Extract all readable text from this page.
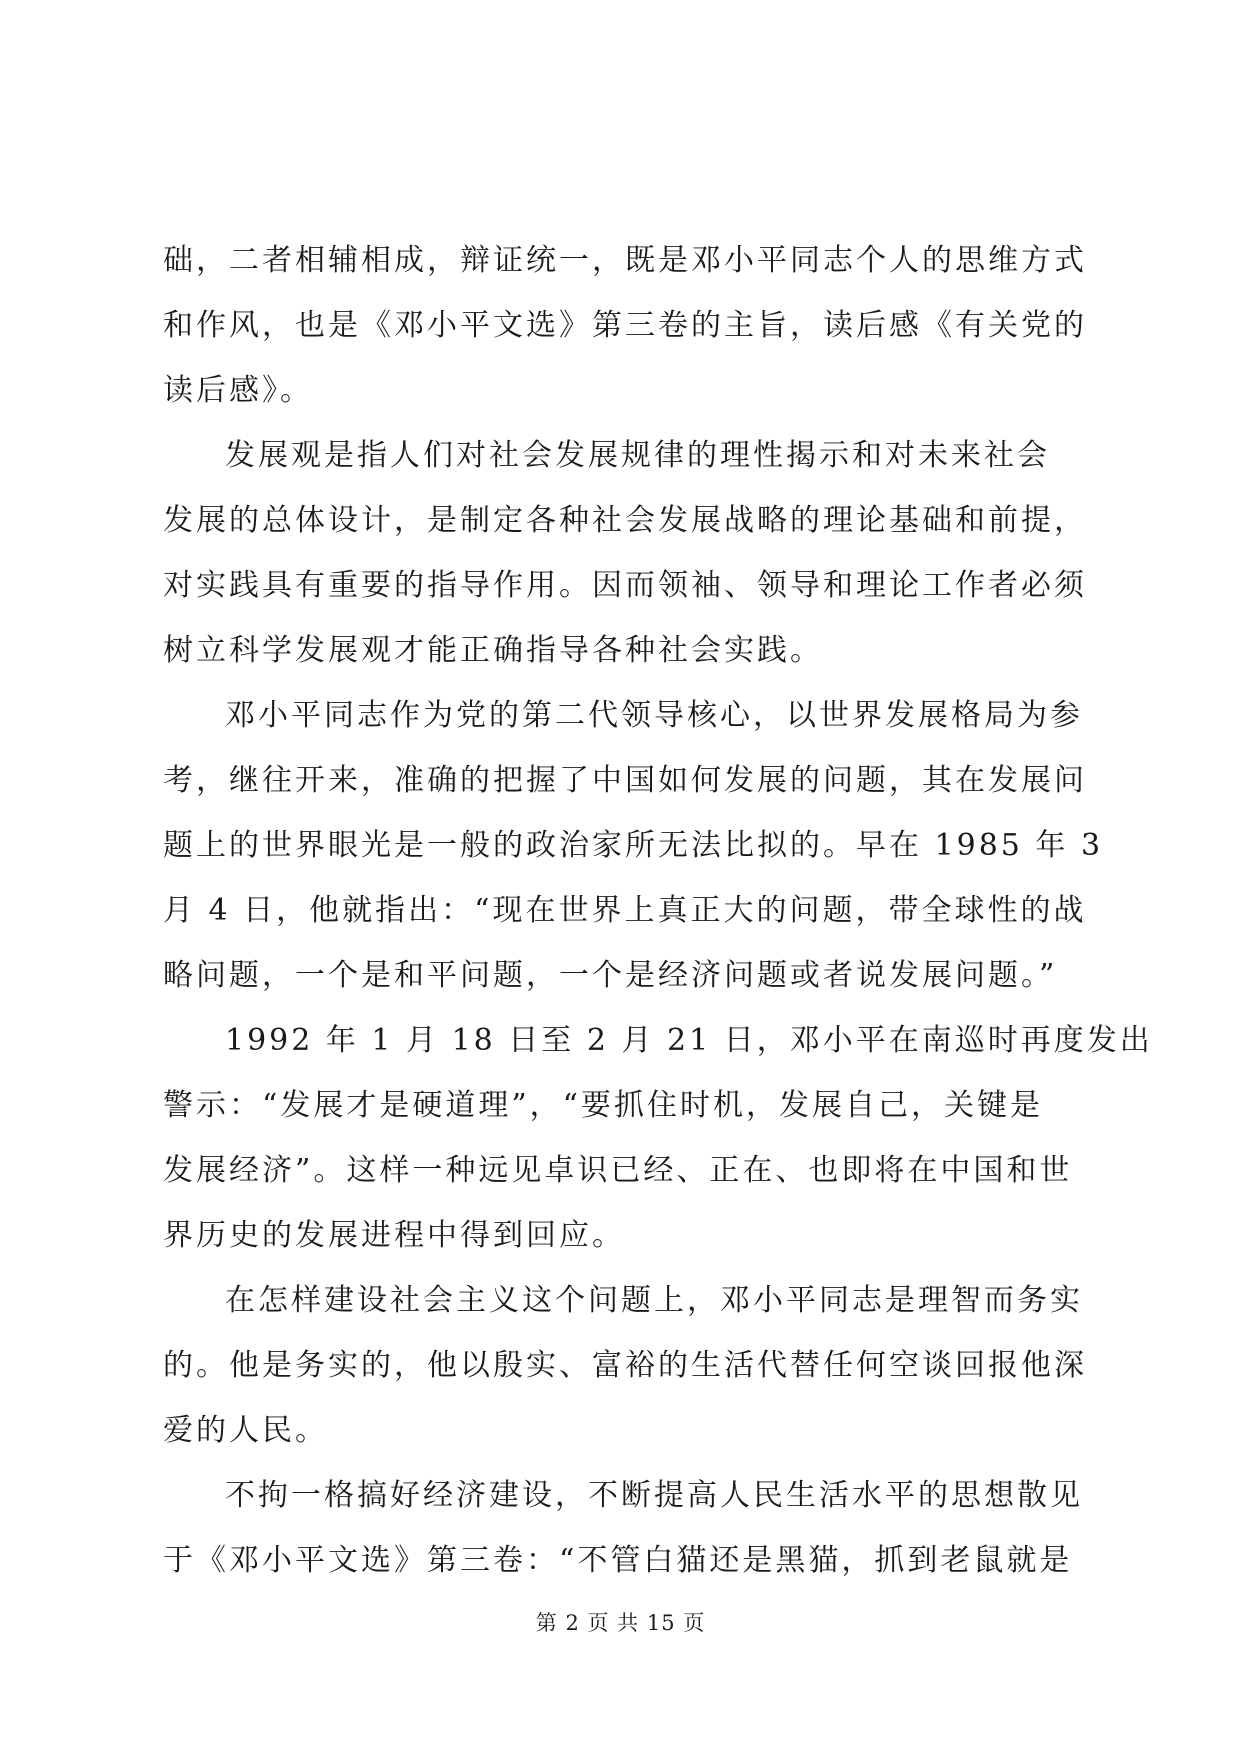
础，二者相辅相成，辩证统一，既是邓小平同志个人的思维方式
和作风，也是《邓小平文选》第三卷的主旨，读后感《有关党的
读后感》。

发展观是指人们对社会发展规律的理性揭示和对未来社会
发展的总体设计，是制定各种社会发展战略的理论基础和前提，
对实践具有重要的指导作用。因而领袖、领导和理论工作者必须
树立科学发展观才能正确指导各种社会实践。

邓小平同志作为党的第二代领导核心，以世界发展格局为参
考，继往开来，准确的把握了中国如何发展的问题，其在发展问
题上的世界眼光是一般的政治家所无法比拟的。早在 1985 年 3
月 4 日，他就指出：“现在世界上真正大的问题，带全球性的战
略问题，一个是和平问题，一个是经济问题或者说发展问题。”

1992 年 1 月 18 日至 2 月 21 日，邓小平在南巡时再度发出
警示：“发展才是硬道理”，“要抓住时机，发展自己，关键是
发展经济”。这样一种远见卓识已经、正在、也即将在中国和世
界历史的发展进程中得到回应。

在怎样建设社会主义这个问题上，邓小平同志是理智而务实
的。他是务实的，他以殷实、富裕的生活代替任何空谈回报他深
爱的人民。

不拘一格搞好经济建设，不断提高人民生活水平的思想散见
于《邓小平文选》第三卷：“不管白猫还是黑猫，抓到老鼠就是

第 2 页 共 15 页
